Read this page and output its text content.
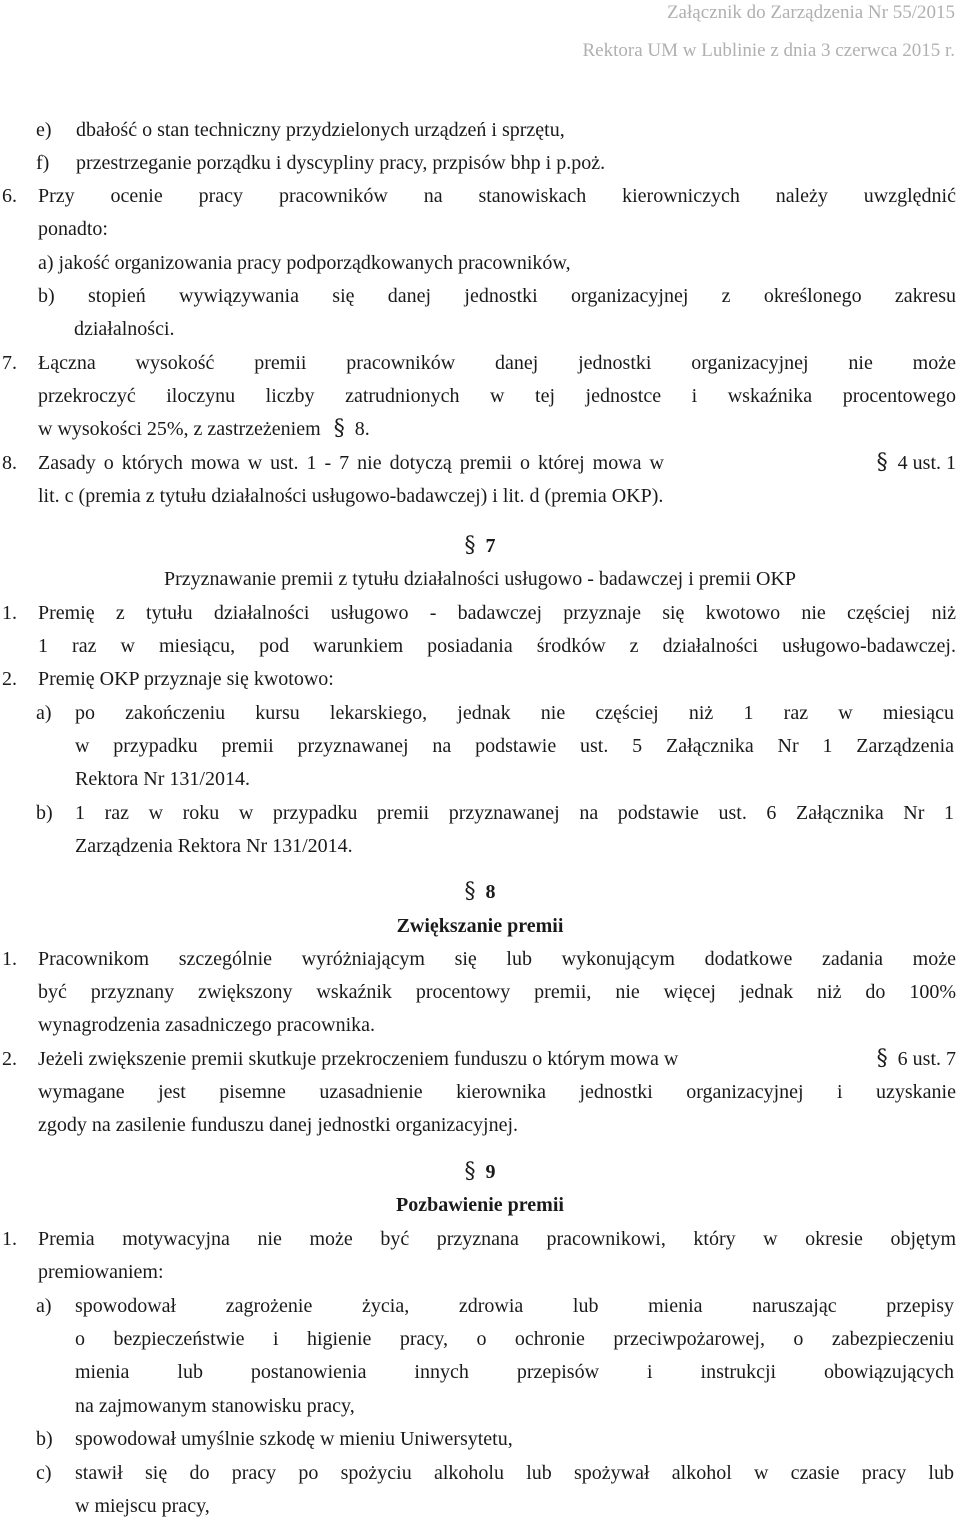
Załącznik do Zarządzenia Nr 55/2015
Rektora UM w Lublinie z dnia 3 czerwca 2015 r.
e) dbałość o stan techniczny przydzielonych urządzeń i sprzętu,
f) przestrzeganie porządku i dyscypliny pracy, przpisów bhp i p.poż.
6. Przy ocenie pracy pracowników na stanowiskach kierowniczych należy uwzględnić
ponadto:
a) jakość organizowania pracy podporządkowanych pracowników,
b) stopień wywiązywania się danej jednostki organizacyjnej z określonego zakresu
działalności.
7. Łączna wysokość premii pracowników danej jednostki organizacyjnej nie może
przekroczyć iloczynu liczby zatrudnionych w tej jednostce i wskaźnika procentowego
w wysokości 25%, z zastrzeżeniem § 8.
8. Zasady o których mowa w ust. 1 - 7 nie dotyczą premii o której mowa w	§ 4 ust. 1
lit. c (premia z tytułu działalności usługowo-badawczej) i lit. d (premia OKP).
§ 7
Przyznawanie premii z tytułu działalności usługowo - badawczej i premii OKP
1. Premię z tytułu działalności usługowo - badawczej przyznaje się kwotowo nie częściej niż
1 raz w miesiącu, pod warunkiem posiadania środków z działalności usługowo-badawczej.
2. Premię OKP przyznaje się kwotowo:
a) po zakończeniu kursu lekarskiego, jednak nie częściej niż 1 raz w miesiącu
w przypadku premii przyznawanej na podstawie ust. 5 Załącznika Nr 1 Zarządzenia
Rektora Nr 131/2014.
b) 1 raz w roku w przypadku premii przyznawanej na podstawie ust. 6 Załącznika Nr 1
Zarządzenia Rektora Nr 131/2014.
§ 8
Zwiększanie premii
1. Pracownikom szczególnie wyróżniającym się lub wykonującym dodatkowe zadania może
być przyznany zwiększony wskaźnik procentowy premii, nie więcej jednak niż do 100%
wynagrodzenia zasadniczego pracownika.
2. Jeżeli zwiększenie premii skutkuje przekroczeniem funduszu o którym mowa w	§ 6 ust. 7
wymagane jest pisemne uzasadnienie kierownika jednostki organizacyjnej i uzyskanie
zgody na zasilenie funduszu danej jednostki organizacyjnej.
§ 9
Pozbawienie premii
1. Premia motywacyjna nie może być przyznana pracownikowi, który w okresie objętym
premiowaniem:
a) spowodował zagrożenie życia, zdrowia lub mienia naruszając przepisy
o bezpieczeństwie i higienie pracy, o ochronie przeciwpożarowej, o zabezpieczeniu
mienia lub postanowienia innych przepisów i instrukcji obowiązujących
na zajmowanym stanowisku pracy,
b) spowodował umyślnie szkodę w mieniu Uniwersytetu,
c) stawił się do pracy po spożyciu alkoholu lub spożywał alkohol w czasie pracy lub
w miejscu pracy,
